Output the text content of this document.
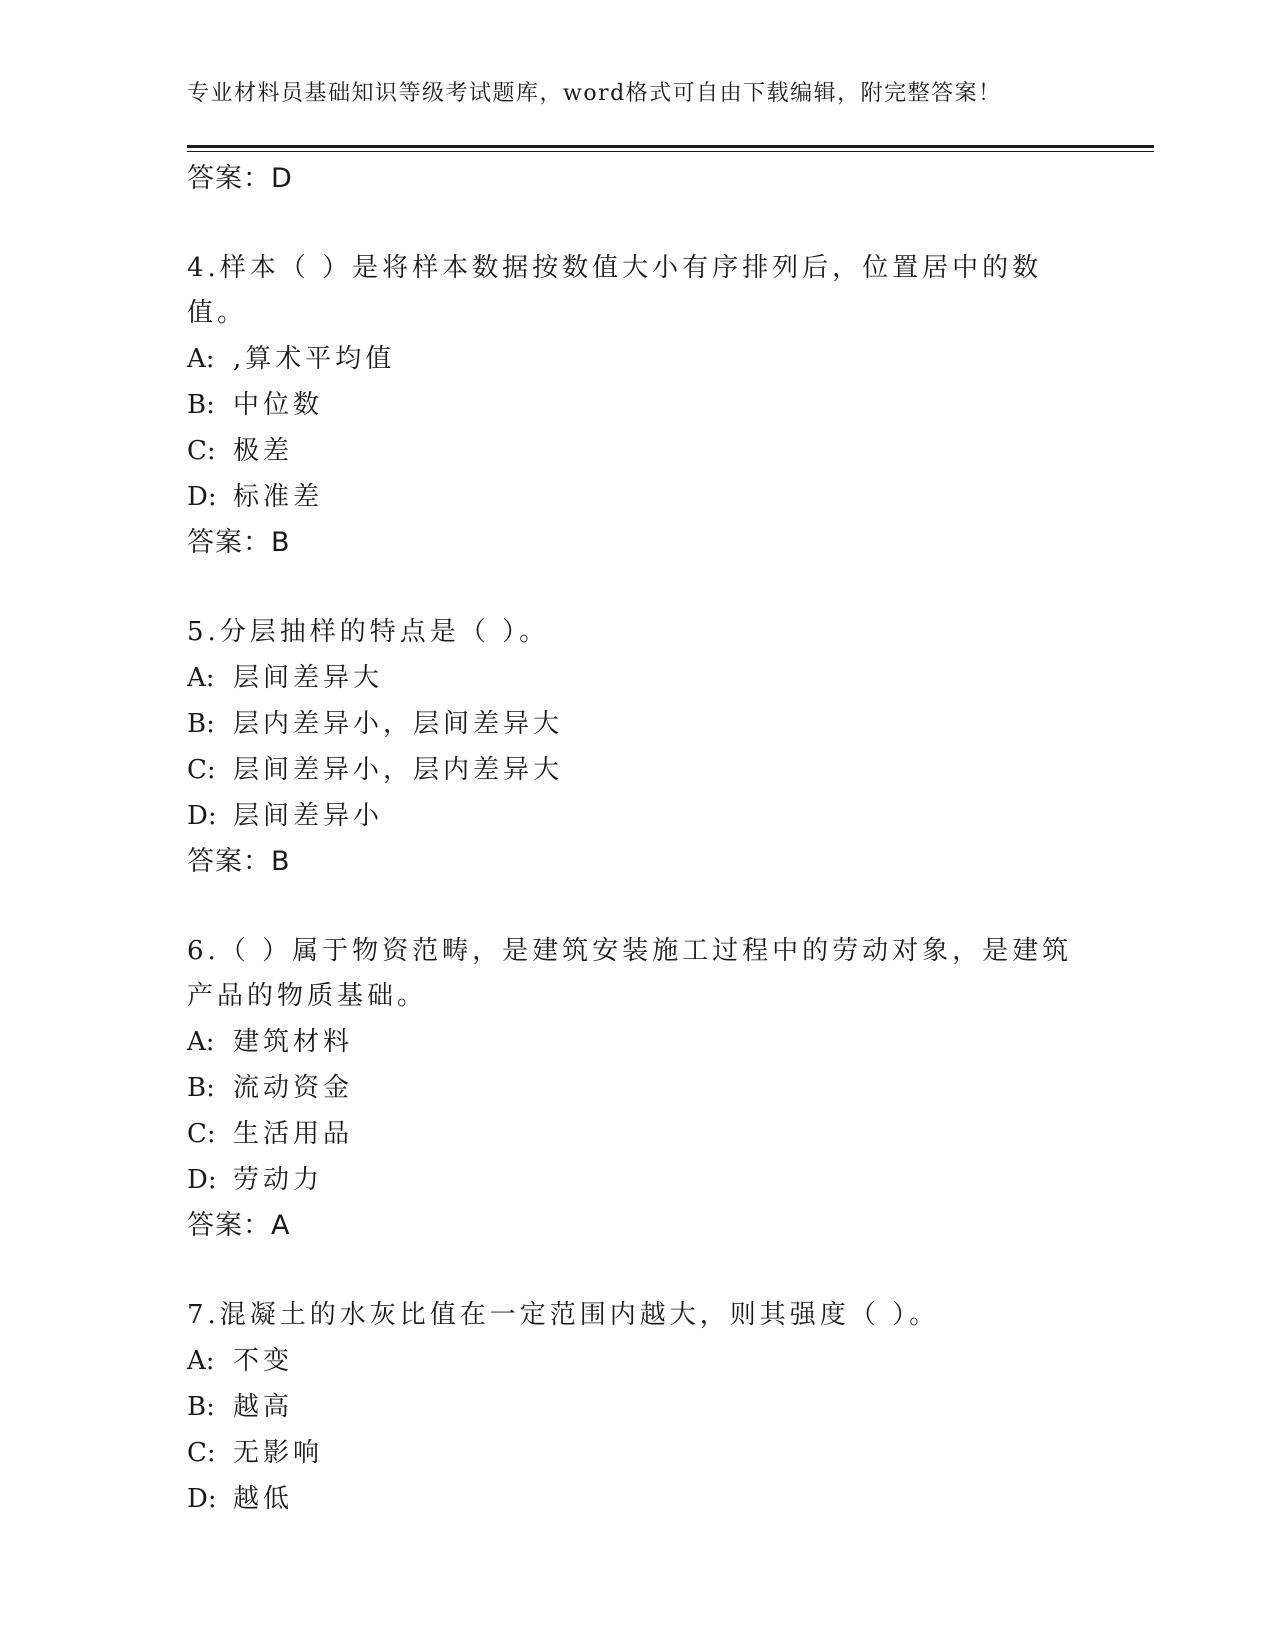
专业材料员基础知识等级考试题库，word格式可自由下载编辑，附完整答案！
答案：D
4.样本（ ）是将样本数据按数值大小有序排列后，位置居中的数值。
A: ,算术平均值
B: 中位数
C: 极差
D: 标准差
答案：B
5.分层抽样的特点是（ ）。
A: 层间差异大
B: 层内差异小，层间差异大
C: 层间差异小，层内差异大
D: 层间差异小
答案：B
6.（ ）属于物资范畴，是建筑安装施工过程中的劳动对象，是建筑产品的物质基础。
A: 建筑材料
B: 流动资金
C: 生活用品
D: 劳动力
答案：A
7.混凝土的水灰比值在一定范围内越大，则其强度（ ）。
A: 不变
B: 越高
C: 无影响
D: 越低
